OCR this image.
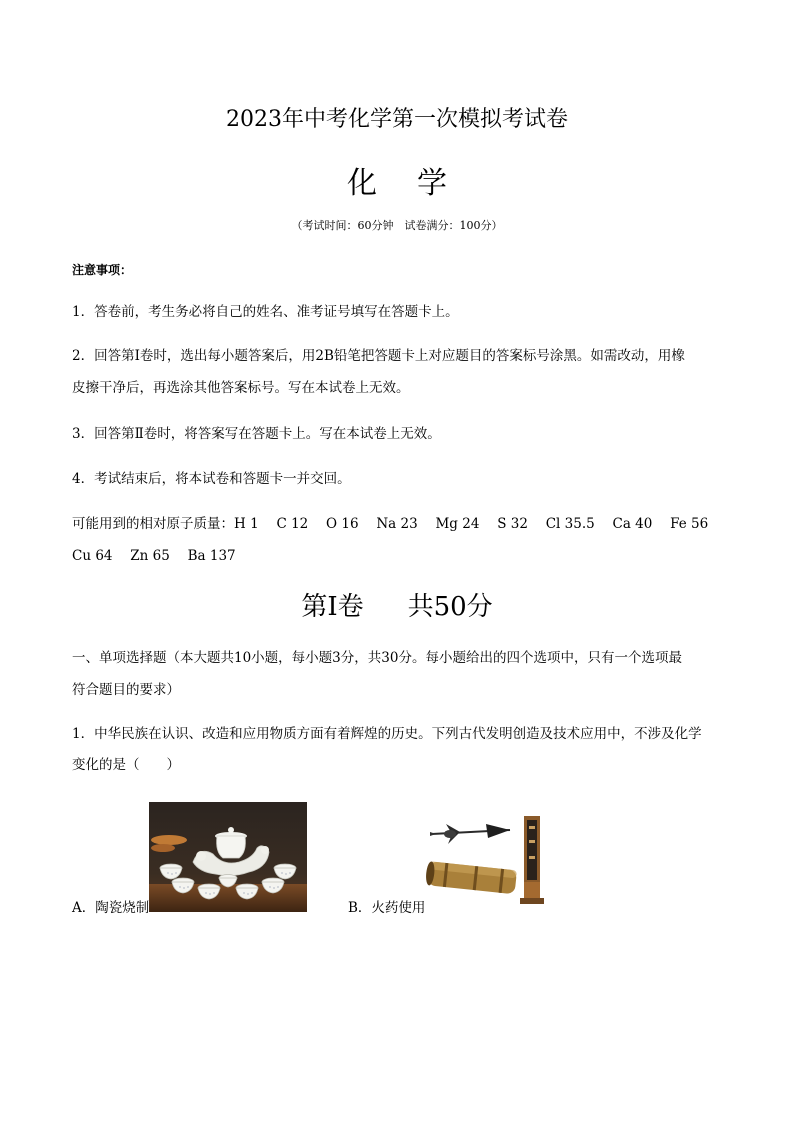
2023年中考化学第一次模拟考试卷
化学
（考试时间：60分钟　试卷满分：100分）
注意事项：
1．答卷前，考生务必将自己的姓名、准考证号填写在答题卡上。
2．回答第Ⅰ卷时，选出每小题答案后，用2B铅笔把答题卡上对应题目的答案标号涂黑。如需改动，用橡
皮擦干净后，再选涂其他答案标号。写在本试卷上无效。
3．回答第Ⅱ卷时，将答案写在答题卡上。写在本试卷上无效。
4．考试结束后，将本试卷和答题卡一并交回。
可能用到的相对原子质量：H 1　 C 12　 O 16　 Na 23　 Mg 24　 S 32　 Cl 35.5　 Ca 40　 Fe 56
Cu 64　 Zn 65　 Ba 137
第Ⅰ卷 共50分
一、单项选择题（本大题共10小题，每小题3分，共30分。每小题给出的四个选项中，只有一个选项最
符合题目的要求）
1．中华民族在认识、改造和应用物质方面有着辉煌的历史。下列古代发明创造及技术应用中，不涉及化学
变化的是（　　）
A．陶瓷烧制	B．火药使用
